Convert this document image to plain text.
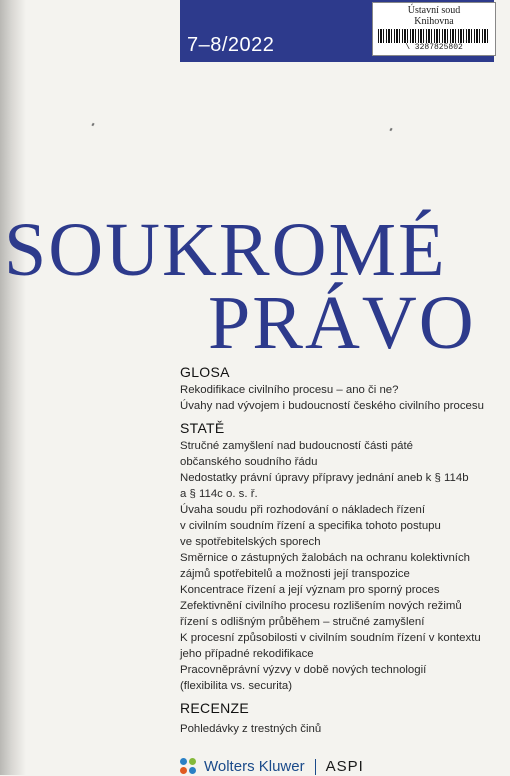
7–8/2022
Ústavní soud
Knihovna
\ 3287825802
SOUKROMÉ
PRÁVO
GLOSA
Rekodifikace civilního procesu – ano či ne?
Úvahy nad vývojem i budoucností českého civilního procesu
STATĚ
Stručné zamyšlení nad budoucností části páté
občanského soudního řádu
Nedostatky právní úpravy přípravy jednání aneb k § 114b
a § 114c o. s. ř.
Úvaha soudu při rozhodování o nákladech řízení
v civilním soudním řízení a specifika tohoto postupu
ve spotřebitelských sporech
Směrnice o zástupných žalobách na ochranu kolektivních
zájmů spotřebitelů a možnosti její transpozice
Koncentrace řízení a její význam pro sporný proces
Zefektivnění civilního procesu rozlišením nových režimů
řízení s odlišným průběhem – stručné zamyšlení
K procesní způsobilosti v civilním soudním řízení v kontextu
jeho případné rekodifikace
Pracovněprávní výzvy v době nových technologií
(flexibilita vs. securita)
RECENZE
Pohledávky z trestných činů
Wolters Kluwer ASPI
